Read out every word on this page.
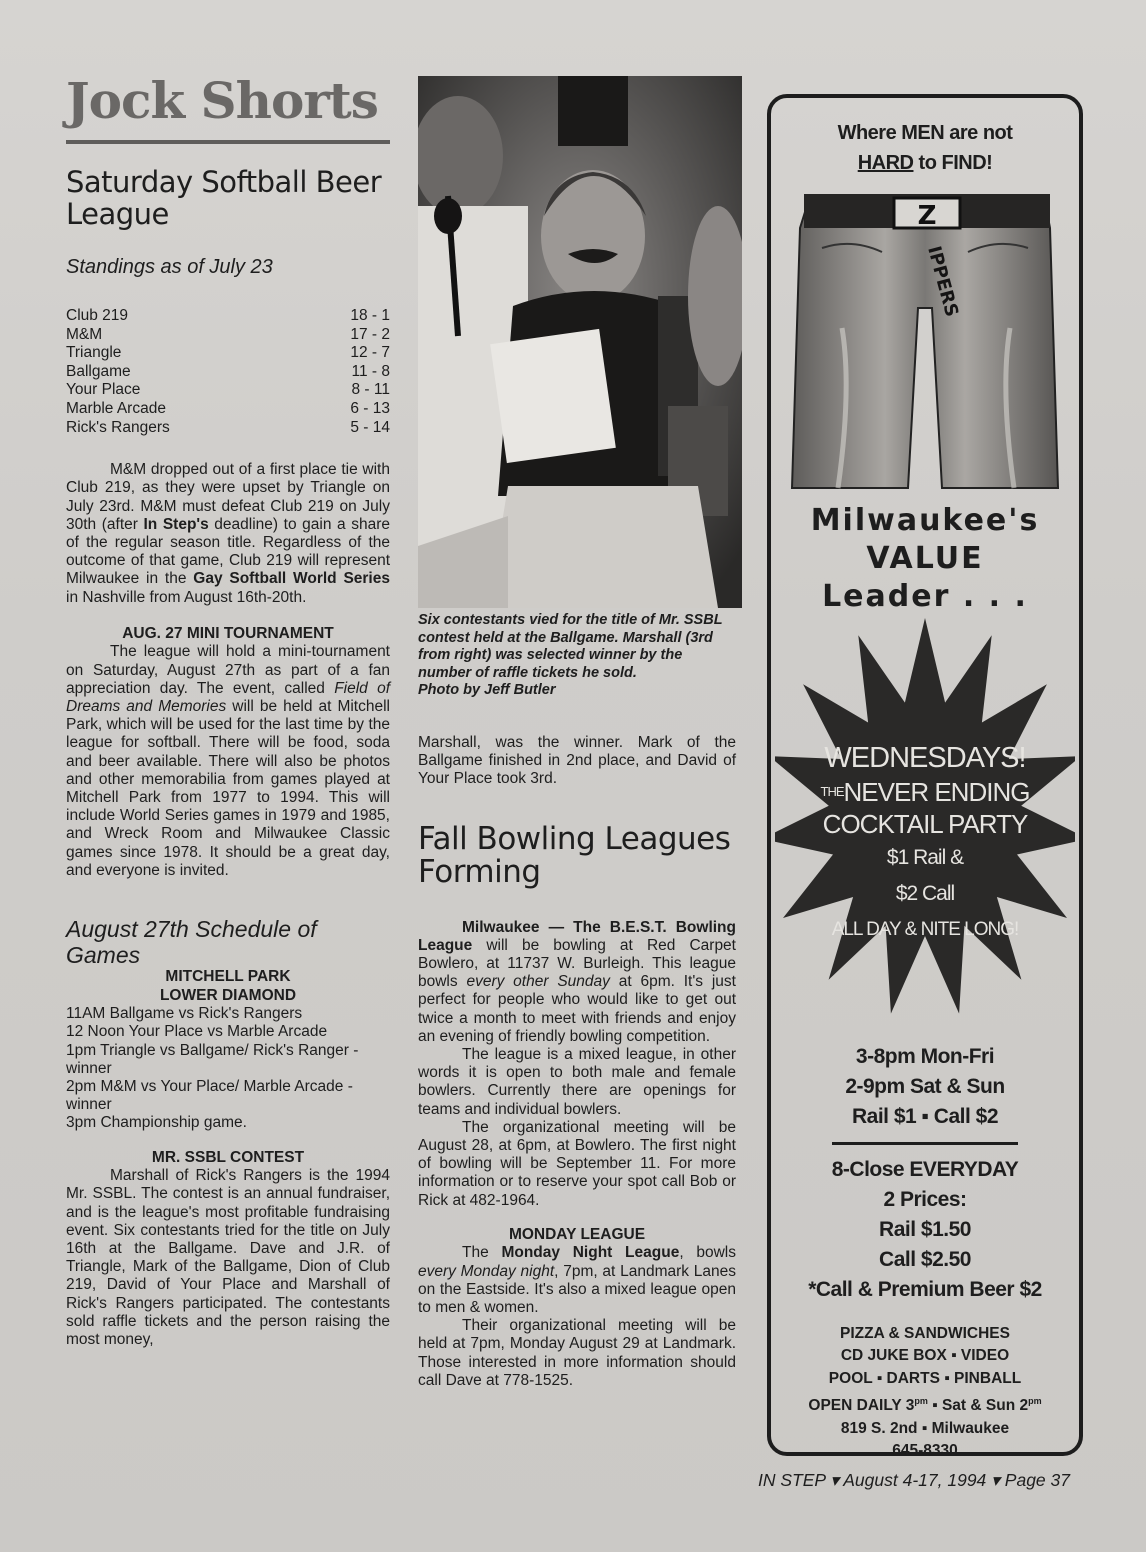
Jock Shorts
Saturday Softball Beer League
Standings as of July 23
Club 219	18 - 1
M&M	17 - 2
Triangle	12 - 7
Ballgame	11 - 8
Your Place	8 - 11
Marble Arcade	6 - 13
Rick's Rangers	5 - 14

M&M dropped out of a first place tie with Club 219, as they were upset by Triangle on July 23rd. M&M must defeat Club 219 on July 30th (after In Step's deadline) to gain a share of the regular season title. Regardless of the outcome of that game, Club 219 will represent Milwaukee in the Gay Softball World Series in Nashville from August 16th-20th.

AUG. 27 MINI TOURNAMENT

The league will hold a mini-tournament on Saturday, August 27th as part of a fan appreciation day. The event, called Field of Dreams and Memories will be held at Mitchell Park, which will be used for the last time by the league for softball. There will be food, soda and beer available. There will also be photos and other memorabilia from games played at Mitchell Park from 1977 to 1994. This will include World Series games in 1979 and 1985, and Wreck Room and Milwaukee Classic games since 1978. It should be a great day, and everyone is invited.

August 27th Schedule of Games
MITCHELL PARK
LOWER DIAMOND
11AM Ballgame vs Rick's Rangers
12 Noon Your Place vs Marble Arcade
1pm Triangle vs Ballgame/ Rick's Ranger - winner
2pm M&M vs Your Place/ Marble Arcade - winner
3pm Championship game.
MR. SSBL CONTEST

Marshall of Rick's Rangers is the 1994 Mr. SSBL. The contest is an annual fundraiser, and is the league's most profitable fundraising event. Six contestants tried for the title on July 16th at the Ballgame. Dave and J.R. of Triangle, Mark of the Ballgame, Dion of Club 219, David of Your Place and Marshall of Rick's Rangers participated. The contestants sold raffle tickets and the person raising the most money,

Six contestants vied for the title of Mr. SSBL contest held at the Ballgame. Marshall (3rd from right) was selected winner by the number of raffle tickets he sold.
Photo by Jeff Butler

Marshall, was the winner. Mark of the Ballgame finished in 2nd place, and David of Your Place took 3rd.

Fall Bowling Leagues Forming

Milwaukee — The B.E.S.T. Bowling League will be bowling at Red Carpet Bowlero, at 11737 W. Burleigh. This league bowls every other Sunday at 6pm. It's just perfect for people who would like to get out twice a month to meet with friends and enjoy an evening of friendly bowling competition.

The league is a mixed league, in other words it is open to both male and female bowlers. Currently there are openings for teams and individual bowlers.

The organizational meeting will be August 28, at 6pm, at Bowlero. The first night of bowling will be September 11. For more information or to reserve your spot call Bob or Rick at 482-1964.

MONDAY LEAGUE

The Monday Night League, bowls every Monday night, 7pm, at Landmark Lanes on the Eastside. It's also a mixed league open to men & women.

Their organizational meeting will be held at 7pm, Monday August 29 at Landmark. Those interested in more information should call Dave at 778-1525.

Where MEN are not
HARD to FIND!
Z
IPPERS
Milwaukee's
VALUE
Leader . . .
WEDNESDAYS!
$^{THE}$NEVER ENDING
COCKTAIL PARTY
$1 Rail &
$2 Call
ALL DAY & NITE LONG!
3-8pm Mon-Fri
2-9pm Sat & Sun
Rail $1 ▪ Call $2
8-Close EVERYDAY
2 Prices:
Rail $1.50
Call $2.50
*Call & Premium Beer $2
PIZZA & SANDWICHES
CD JUKE BOX ▪ VIDEO
POOL ▪ DARTS ▪ PINBALL
OPEN DAILY $3^{pm}$ ▪ Sat & Sun $2^{pm}$
819 S. 2nd ▪ Milwaukee
645-8330
IN STEP ▾ August 4-17, 1994 ▾ Page 37
